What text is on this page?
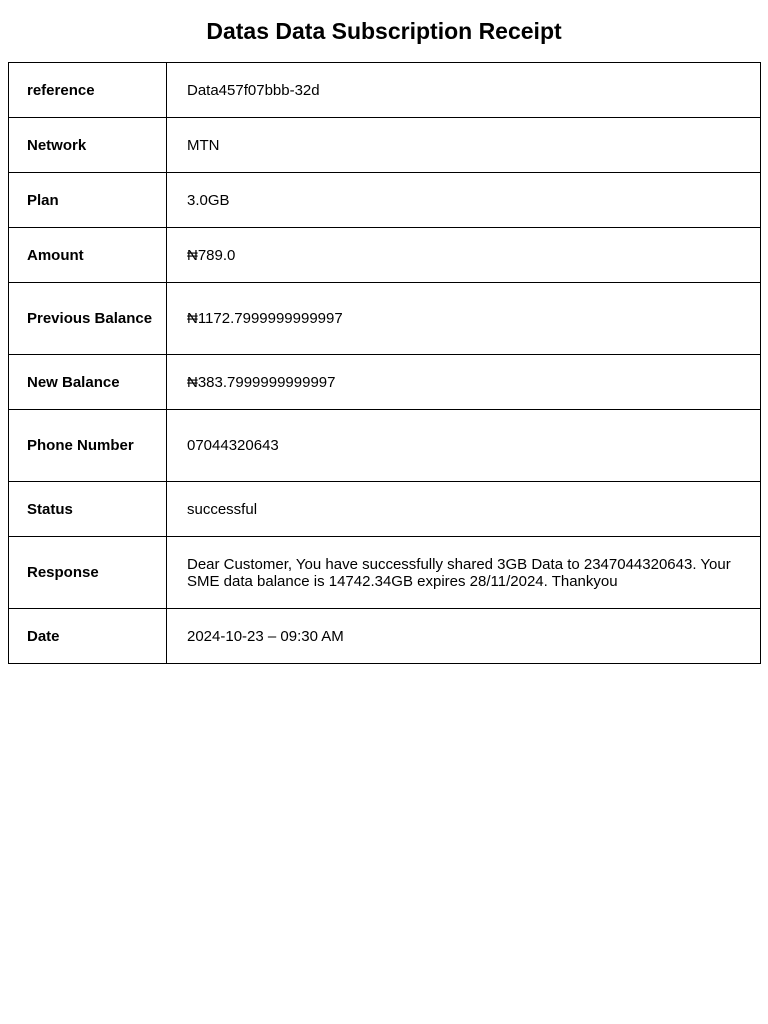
Datas Data Subscription Receipt
reference	Data457f07bbb-32d
Network	MTN
Plan	3.0GB
Amount	₦789.0
Previous Balance	₦1172.7999999999997
New Balance	₦383.7999999999997
Phone Number	07044320643
Status	successful
Response	Dear Customer, You have successfully shared 3GB Data to 2347044320643. Your SME data balance is 14742.34GB expires 28/11/2024. Thankyou
Date	2024-10-23 – 09:30 AM
